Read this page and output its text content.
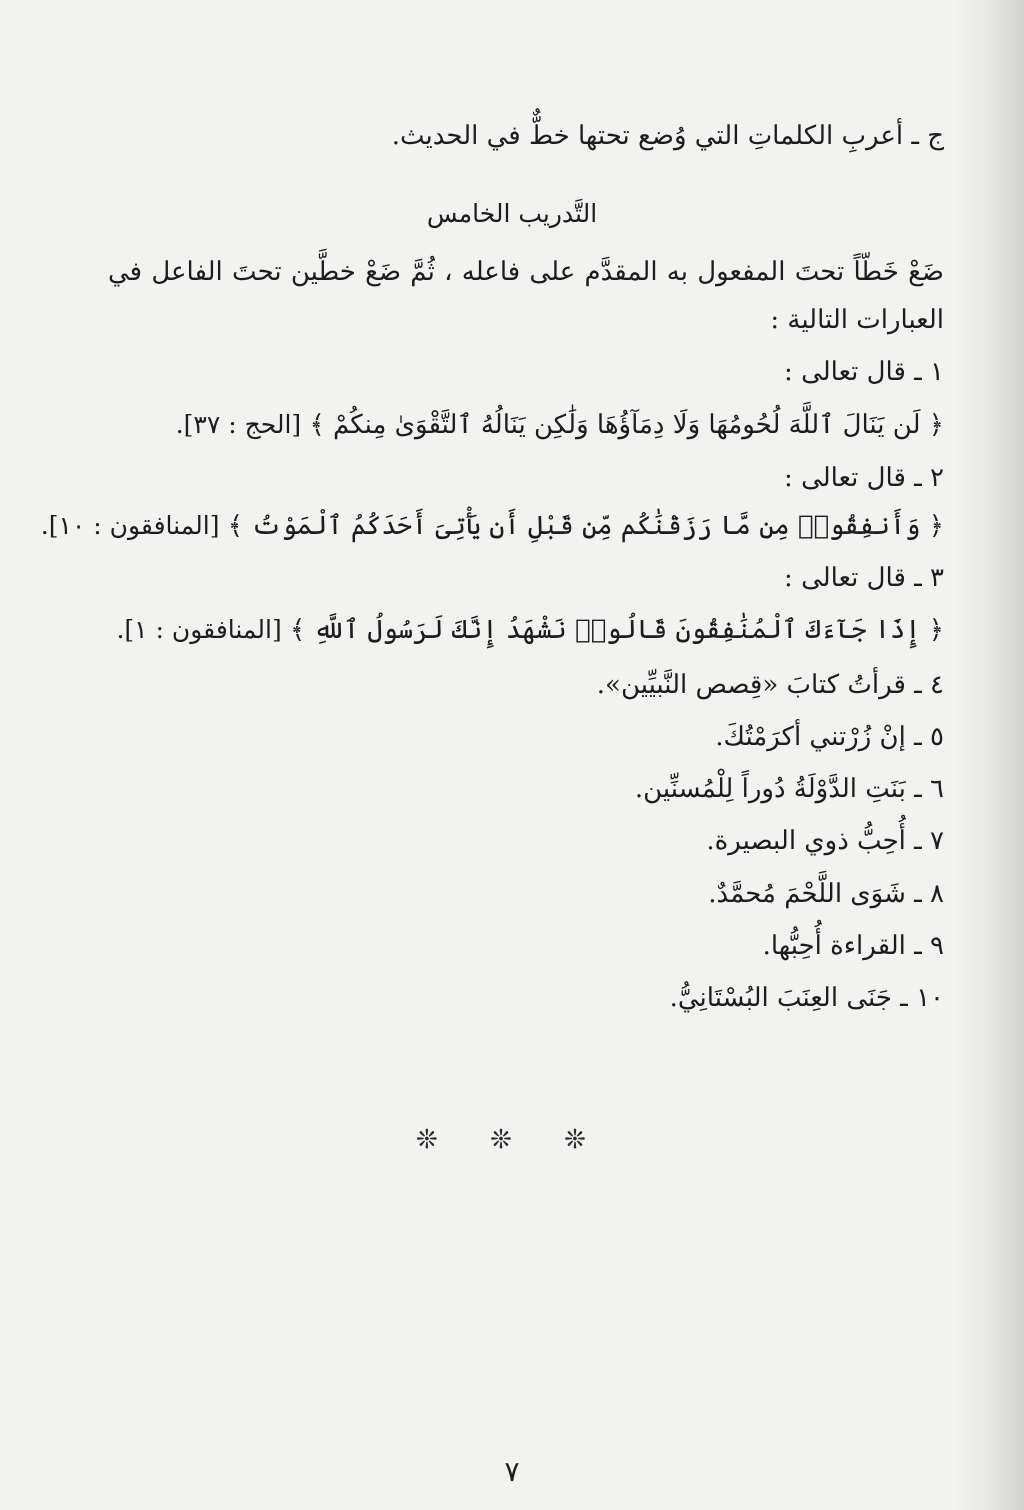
ج ـ أعربِ الكلماتِ التي وُضع تحتها خطٌّ في الحديث.
التَّدريب الخامس
ضَعْ خَطّاً تحتَ المفعول به المقدَّم على فاعله ، ثُمَّ ضَعْ خطَّين تحتَ الفاعل في
العبارات التالية :
١ ـ قال تعالى :
﴿ لَن يَنَالَ ٱللَّهَ لُحُومُهَا وَلَا دِمَآؤُهَا وَلَٰكِن يَنَالُهُ ٱلتَّقْوَىٰ مِنكُمْ ﴾ [الحج : ٣٧].
٢ ـ قال تعالى :
﴿ وَأَنفِقُوا۟ مِن مَّا رَزَقْنَٰكُم مِّن قَبْلِ أَن يَأْتِىَ أَحَدَكُمُ ٱلْمَوْتُ ﴾ [المنافقون : ١٠].
٣ ـ قال تعالى :
﴿ إِذَا جَآءَكَ ٱلْمُنَٰفِقُونَ قَالُوا۟ نَشْهَدُ إِنَّكَ لَرَسُولُ ٱللَّهِ ﴾ [المنافقون : ١].
٤ ـ قرأتُ كتابَ «قِصص النَّبيِّين».
٥ ـ إنْ زُرْتني أكرَمْتُكَ.
٦ ـ بَنَتِ الدَّوْلَةُ دُوراً لِلْمُسنِّين.
٧ ـ أُحِبُّ ذوي البصيرة.
٨ ـ شَوَى اللَّحْمَ مُحمَّدٌ.
٩ ـ القراءة أُحِبُّها.
١٠ ـ جَنَى العِنَبَ البُسْتَانِيُّ.
❊ ❊ ❊
٧
